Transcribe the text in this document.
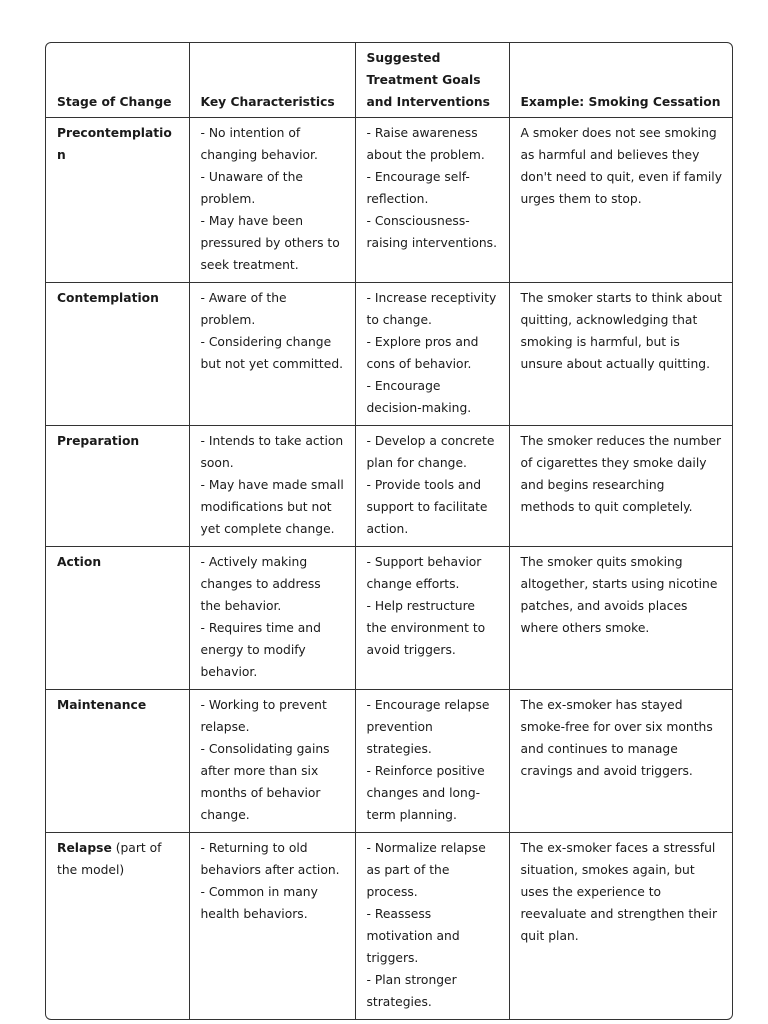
Stage of Change	Key Characteristics	Suggested Treatment Goals and Interventions	Example: Smoking Cessation
Precontemplation	- No intention of changing behavior.
- Unaware of the problem.
- May have been pressured by others to seek treatment.	- Raise awareness about the problem.
- Encourage self-reflection.
- Consciousness-raising interventions.	A smoker does not see smoking as harmful and believes they don't need to quit, even if family urges them to stop.
Contemplation	- Aware of the problem.
- Considering change but not yet committed.	- Increase receptivity to change.
- Explore pros and cons of behavior.
- Encourage decision-making.	The smoker starts to think about quitting, acknowledging that smoking is harmful, but is unsure about actually quitting.
Preparation	- Intends to take action soon.
- May have made small modifications but not yet complete change.	- Develop a concrete plan for change.
- Provide tools and support to facilitate action.	The smoker reduces the number of cigarettes they smoke daily and begins researching methods to quit completely.
Action	- Actively making changes to address the behavior.
- Requires time and energy to modify behavior.	- Support behavior change efforts.
- Help restructure the environment to avoid triggers.	The smoker quits smoking altogether, starts using nicotine patches, and avoids places where others smoke.
Maintenance	- Working to prevent relapse.
- Consolidating gains after more than six months of behavior change.	- Encourage relapse prevention strategies.
- Reinforce positive changes and long-term planning.	The ex-smoker has stayed smoke-free for over six months and continues to manage cravings and avoid triggers.
Relapse (part of the model)	- Returning to old behaviors after action.
- Common in many health behaviors.	- Normalize relapse as part of the process.
- Reassess motivation and triggers.
- Plan stronger strategies.	The ex-smoker faces a stressful situation, smokes again, but uses the experience to reevaluate and strengthen their quit plan.
